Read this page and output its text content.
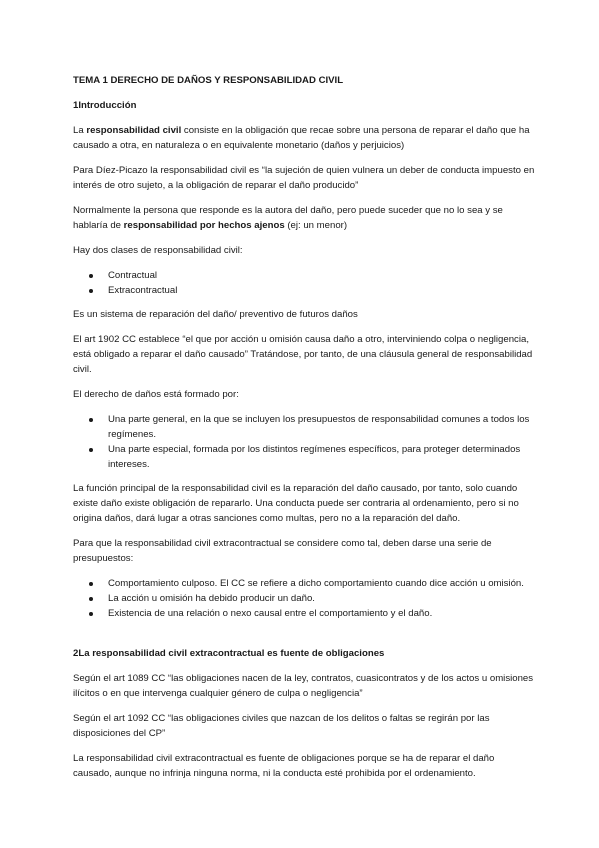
TEMA 1 DERECHO DE DAÑOS Y RESPONSABILIDAD CIVIL

1Introducción

La responsabilidad civil consiste en la obligación que recae sobre una persona de reparar el daño que ha causado a otra, en naturaleza o en equivalente monetario (daños y perjuicios)

Para Díez-Picazo la responsabilidad civil es “la sujeción de quien vulnera un deber de conducta impuesto en interés de otro sujeto, a la obligación de reparar el daño producido”

Normalmente la persona que responde es la autora del daño, pero puede suceder que no lo sea y se hablaría de responsabilidad por hechos ajenos (ej: un menor)

Hay dos clases de responsabilidad civil:

Contractual
Extracontractual

Es un sistema de reparación del daño/ preventivo de futuros daños

El art 1902 CC establece “el que por acción u omisión causa daño a otro, interviniendo colpa o negligencia, está obligado a reparar el daño causado” Tratándose, por tanto, de una cláusula general de responsabilidad civil.

El derecho de daños está formado por:

Una parte general, en la que se incluyen los presupuestos de responsabilidad comunes a todos los regímenes.
Una parte especial, formada por los distintos regímenes específicos, para proteger determinados intereses.

La función principal de la responsabilidad civil es la reparación del daño causado, por tanto, solo cuando existe daño existe obligación de repararlo. Una conducta puede ser contraria al ordenamiento, pero si no origina daños, dará lugar a otras sanciones como multas, pero no a la reparación del daño.

Para que la responsabilidad civil extracontractual se considere como tal, deben darse una serie de presupuestos:

Comportamiento culposo. El CC se refiere a dicho comportamiento cuando dice acción u omisión.
La acción u omisión ha debido producir un daño.
Existencia de una relación o nexo causal entre el comportamiento y el daño.

2La responsabilidad civil extracontractual es fuente de obligaciones

Según el art 1089 CC “las obligaciones nacen de la ley, contratos, cuasicontratos y de los actos u omisiones ilícitos o en que intervenga cualquier género de culpa o negligencia”

Según el art 1092 CC “las obligaciones civiles que nazcan de los delitos o faltas se regirán por las disposiciones del CP”

La responsabilidad civil extracontractual es fuente de obligaciones porque se ha de reparar el daño causado, aunque no infrinja ninguna norma, ni la conducta esté prohibida por el ordenamiento.
